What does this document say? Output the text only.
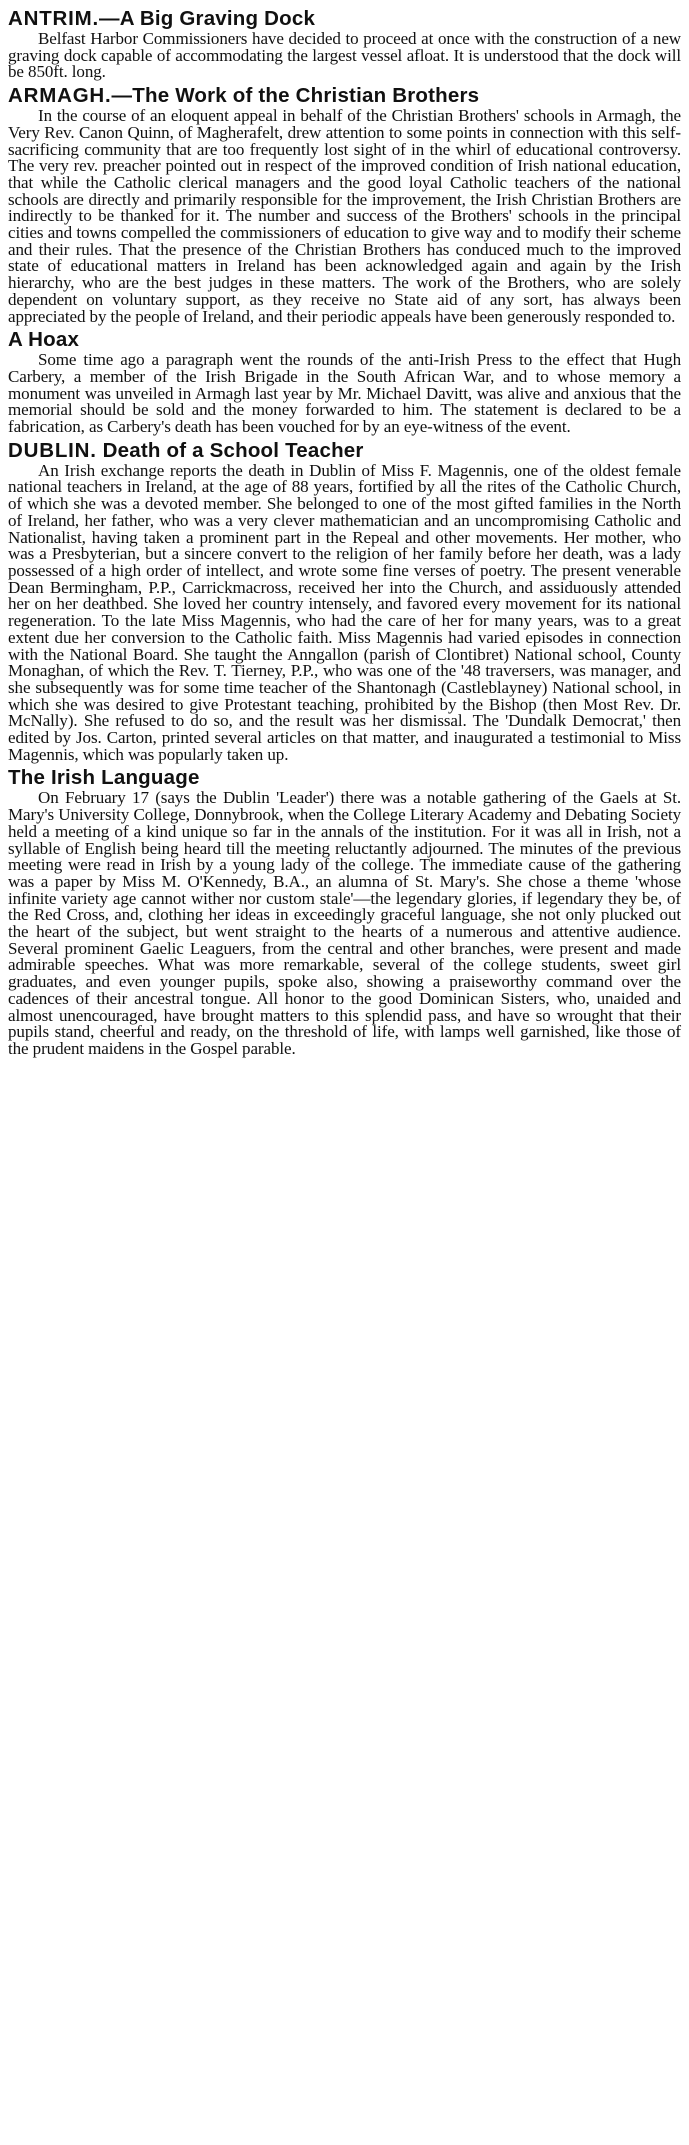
ANTRIM.—A Big Graving Dock

Belfast Harbor Commissioners have decided to proceed at once with the construction of a new graving dock capable of accommodating the largest vessel afloat. It is understood that the dock will be 850ft. long.

ARMAGH.—The Work of the Christian Brothers

In the course of an eloquent appeal in behalf of the Christian Brothers' schools in Armagh, the Very Rev. Canon Quinn, of Magherafelt, drew attention to some points in connection with this self-sacrificing community that are too frequently lost sight of in the whirl of educational controversy. The very rev. preacher pointed out in respect of the improved condition of Irish national education, that while the Catholic clerical managers and the good loyal Catholic teachers of the national schools are directly and primarily responsible for the improvement, the Irish Christian Brothers are indirectly to be thanked for it. The number and success of the Brothers' schools in the principal cities and towns compelled the commissioners of education to give way and to modify their scheme and their rules. That the presence of the Christian Brothers has conduced much to the improved state of educational matters in Ireland has been acknowledged again and again by the Irish hierarchy, who are the best judges in these matters. The work of the Brothers, who are solely dependent on voluntary support, as they receive no State aid of any sort, has always been appreciated by the people of Ireland, and their periodic appeals have been generously responded to.

A Hoax

Some time ago a paragraph went the rounds of the anti-Irish Press to the effect that Hugh Carbery, a member of the Irish Brigade in the South African War, and to whose memory a monument was unveiled in Armagh last year by Mr. Michael Davitt, was alive and anxious that the memorial should be sold and the money forwarded to him. The statement is declared to be a fabrication, as Carbery's death has been vouched for by an eye-witness of the event.

DUBLIN. Death of a School Teacher

An Irish exchange reports the death in Dublin of Miss F. Magennis, one of the oldest female national teachers in Ireland, at the age of 88 years, fortified by all the rites of the Catholic Church, of which she was a devoted member. She belonged to one of the most gifted families in the North of Ireland, her father, who was a very clever mathematician and an uncompromising Catholic and Nationalist, having taken a prominent part in the Repeal and other movements. Her mother, who was a Presbyterian, but a sincere convert to the religion of her family before her death, was a lady possessed of a high order of intellect, and wrote some fine verses of poetry. The present venerable Dean Bermingham, P.P., Carrickmacross, received her into the Church, and assiduously attended her on her deathbed. She loved her country intensely, and favored every movement for its national regeneration. To the late Miss Magennis, who had the care of her for many years, was to a great extent due her conversion to the Catholic faith. Miss Magennis had varied episodes in connection with the National Board. She taught the Anngallon (parish of Clontibret) National school, County Monaghan, of which the Rev. T. Tierney, P.P., who was one of the '48 traversers, was manager, and she subsequently was for some time teacher of the Shantonagh (Castleblayney) National school, in which she was desired to give Protestant teaching, prohibited by the Bishop (then Most Rev. Dr. McNally). She refused to do so, and the result was her dismissal. The 'Dundalk Democrat,' then edited by Jos. Carton, printed several articles on that matter, and inaugurated a testimonial to Miss Magennis, which was popularly taken up.

The Irish Language

On February 17 (says the Dublin 'Leader') there was a notable gathering of the Gaels at St. Mary's University College, Donnybrook, when the College Literary Academy and Debating Society held a meeting of a kind unique so far in the annals of the institution. For it was all in Irish, not a syllable of English being heard till the meeting reluctantly adjourned. The minutes of the previous meeting were read in Irish by a young lady of the college. The immediate cause of the gathering was a paper by Miss M. O'Kennedy, B.A., an alumna of St. Mary's. She chose a theme 'whose infinite variety age cannot wither nor custom stale'—the legendary glories, if legendary they be, of the Red Cross, and, clothing her ideas in exceedingly graceful language, she not only plucked out the heart of the subject, but went straight to the hearts of a numerous and attentive audience. Several prominent Gaelic Leaguers, from the central and other branches, were present and made admirable speeches. What was more remarkable, several of the college students, sweet girl graduates, and even younger pupils, spoke also, showing a praiseworthy command over the cadences of their ancestral tongue. All honor to the good Dominican Sisters, who, unaided and almost unencouraged, have brought matters to this splendid pass, and have so wrought that their pupils stand, cheerful and ready, on the threshold of life, with lamps well garnished, like those of the prudent maidens in the Gospel parable.
